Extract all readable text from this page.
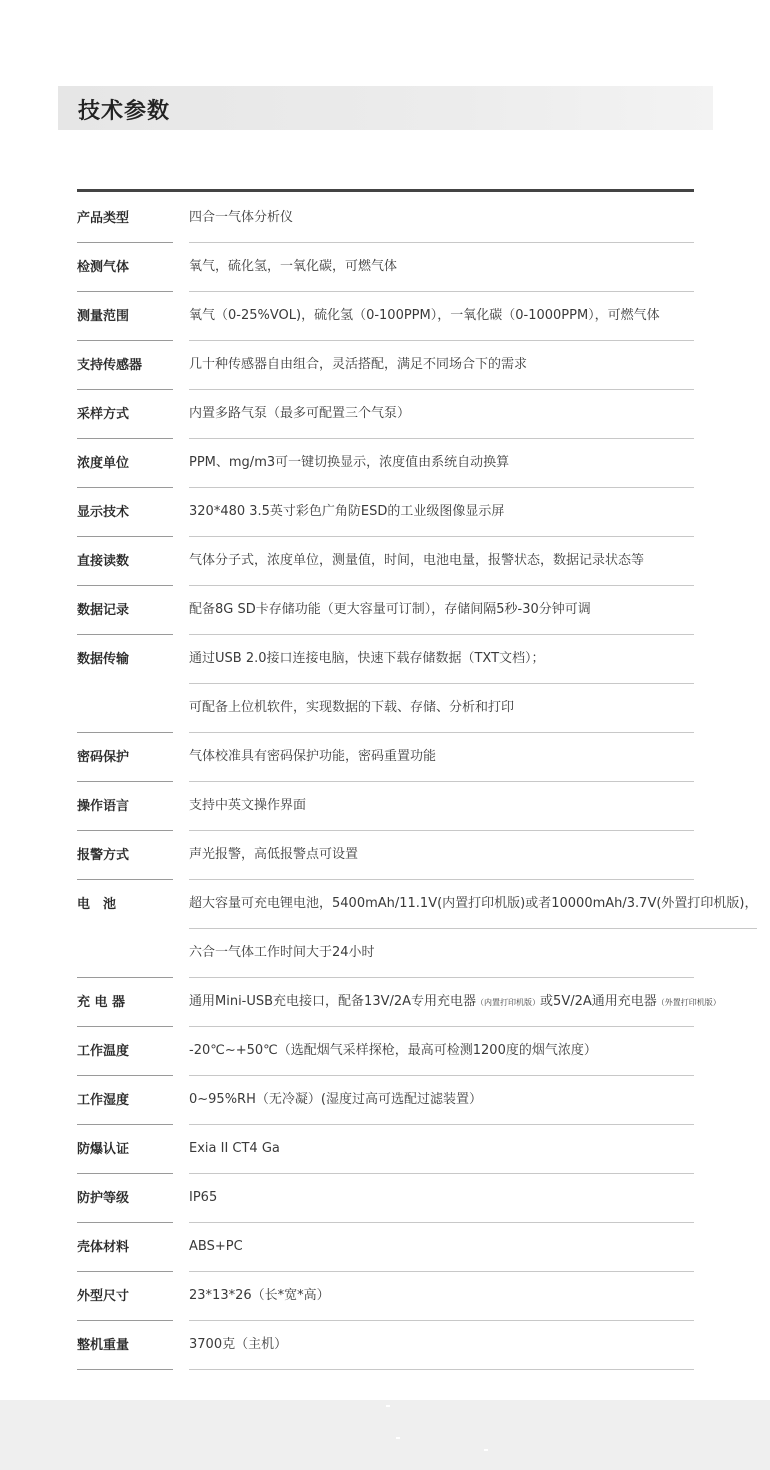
技术参数
产品类型	四合一气体分析仪
检测气体	氧气，硫化氢，一氧化碳，可燃气体
测量范围	氧气（0-25%VOL)，硫化氢（0-100PPM），一氧化碳（0-1000PPM），可燃气体
支持传感器	几十种传感器自由组合，灵活搭配，满足不同场合下的需求
采样方式	内置多路气泵（最多可配置三个气泵）
浓度单位	PPM、mg/m3可一键切换显示，浓度值由系统自动换算
显示技术	320*480 3.5英寸彩色广角防ESD的工业级图像显示屏
直接读数	气体分子式，浓度单位，测量值，时间，电池电量，报警状态，数据记录状态等
数据记录	配备8G SD卡存储功能（更大容量可订制），存储间隔5秒-30分钟可调
数据传输	通过USB 2.0接口连接电脑，快速下载存储数据（TXT文档）；
可配备上位机软件，实现数据的下载、存储、分析和打印
密码保护	气体校准具有密码保护功能，密码重置功能
操作语言	支持中英文操作界面
报警方式	声光报警，高低报警点可设置
电　池	超大容量可充电锂电池，5400mAh/11.1V(内置打印机版)或者10000mAh/3.7V(外置打印机版)，
六合一气体工作时间大于24小时
充 电 器	通用Mini-USB充电接口，配备13V/2A专用充电器（内置打印机版）或5V/2A通用充电器（外置打印机版）
工作温度	-20℃~+50℃（选配烟气采样探枪，最高可检测1200度的烟气浓度）
工作湿度	0~95%RH（无冷凝）(湿度过高可选配过滤装置）
防爆认证	Exia II CT4 Ga
防护等级	IP65
壳体材料	ABS+PC
外型尺寸	23*13*26（长*宽*高）
整机重量	3700克（主机）
